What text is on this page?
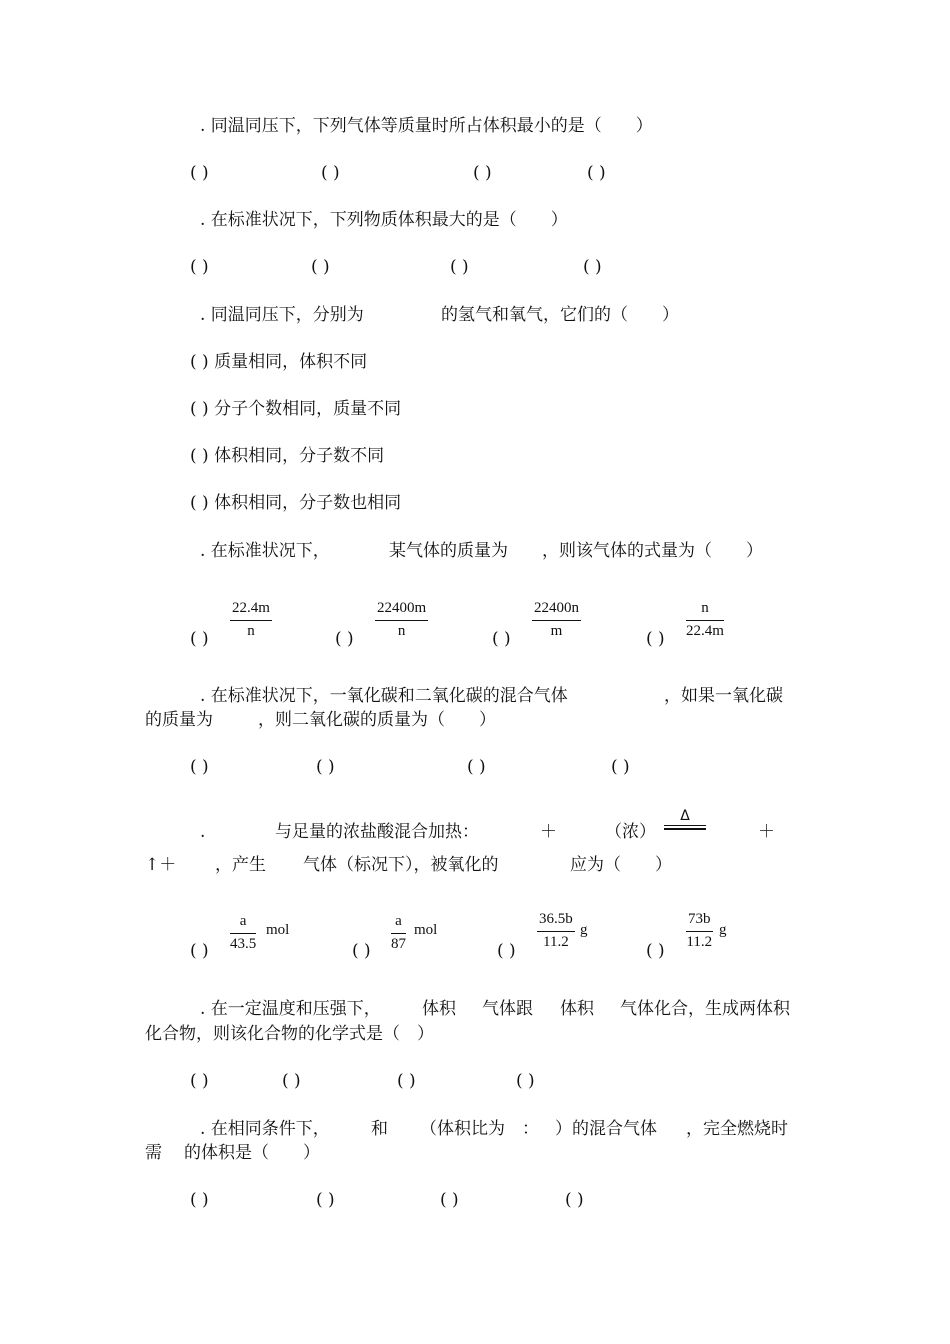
. 同温同压下，下列气体等质量时所占体积最小的是（　　）
( )	( )	( )	( )
. 在标准状况下，下列物质体积最大的是（　　）
( )	( )	( )	( )
. 同温同压下，分别为	的氢气和氧气，它们的（　　）
( ) 质量相同，体积不同
( ) 分子个数相同，质量不同
( ) 体积相同，分子数不同
( ) 体积相同，分子数也相同
. 在标准状况下，	某气体的质量为 ，则该气体的式量为（　　）
( ) $\frac{22.4m}{n}$	( ) $\frac{22400m}{n}$	( ) $\frac{22400n}{m}$	( ) $\frac{n}{22.4m}$
. 在标准状况下，一氧化碳和二氧化碳的混合气体	，如果一氧化碳
的质量为	，则二氧化碳的质量为（　　）
( )	( )	( )	( )
.	与足量的浓盐酸混合加热：	＋	（浓）
Δ
＋
↑＋ ，产生 气体（标况下），被氧化的	应为（　　）
( ) $\frac{a}{43.5}$ mol
( ) $\frac{a}{87}$ mol
( ) $\frac{36.5b}{11.2}$ g
( ) $\frac{73b}{11.2}$ g
. 在一定温度和压强下， 体积 气体跟 体积 气体化合，生成两体积
化合物，则该化合物的化学式是（　）
( )	( )	( )	( )
. 在相同条件下， 和 （体积比为 ： ）的混合气体 ，完全燃烧时
需 的体积是（　　）
( )	( )	( )	( )
